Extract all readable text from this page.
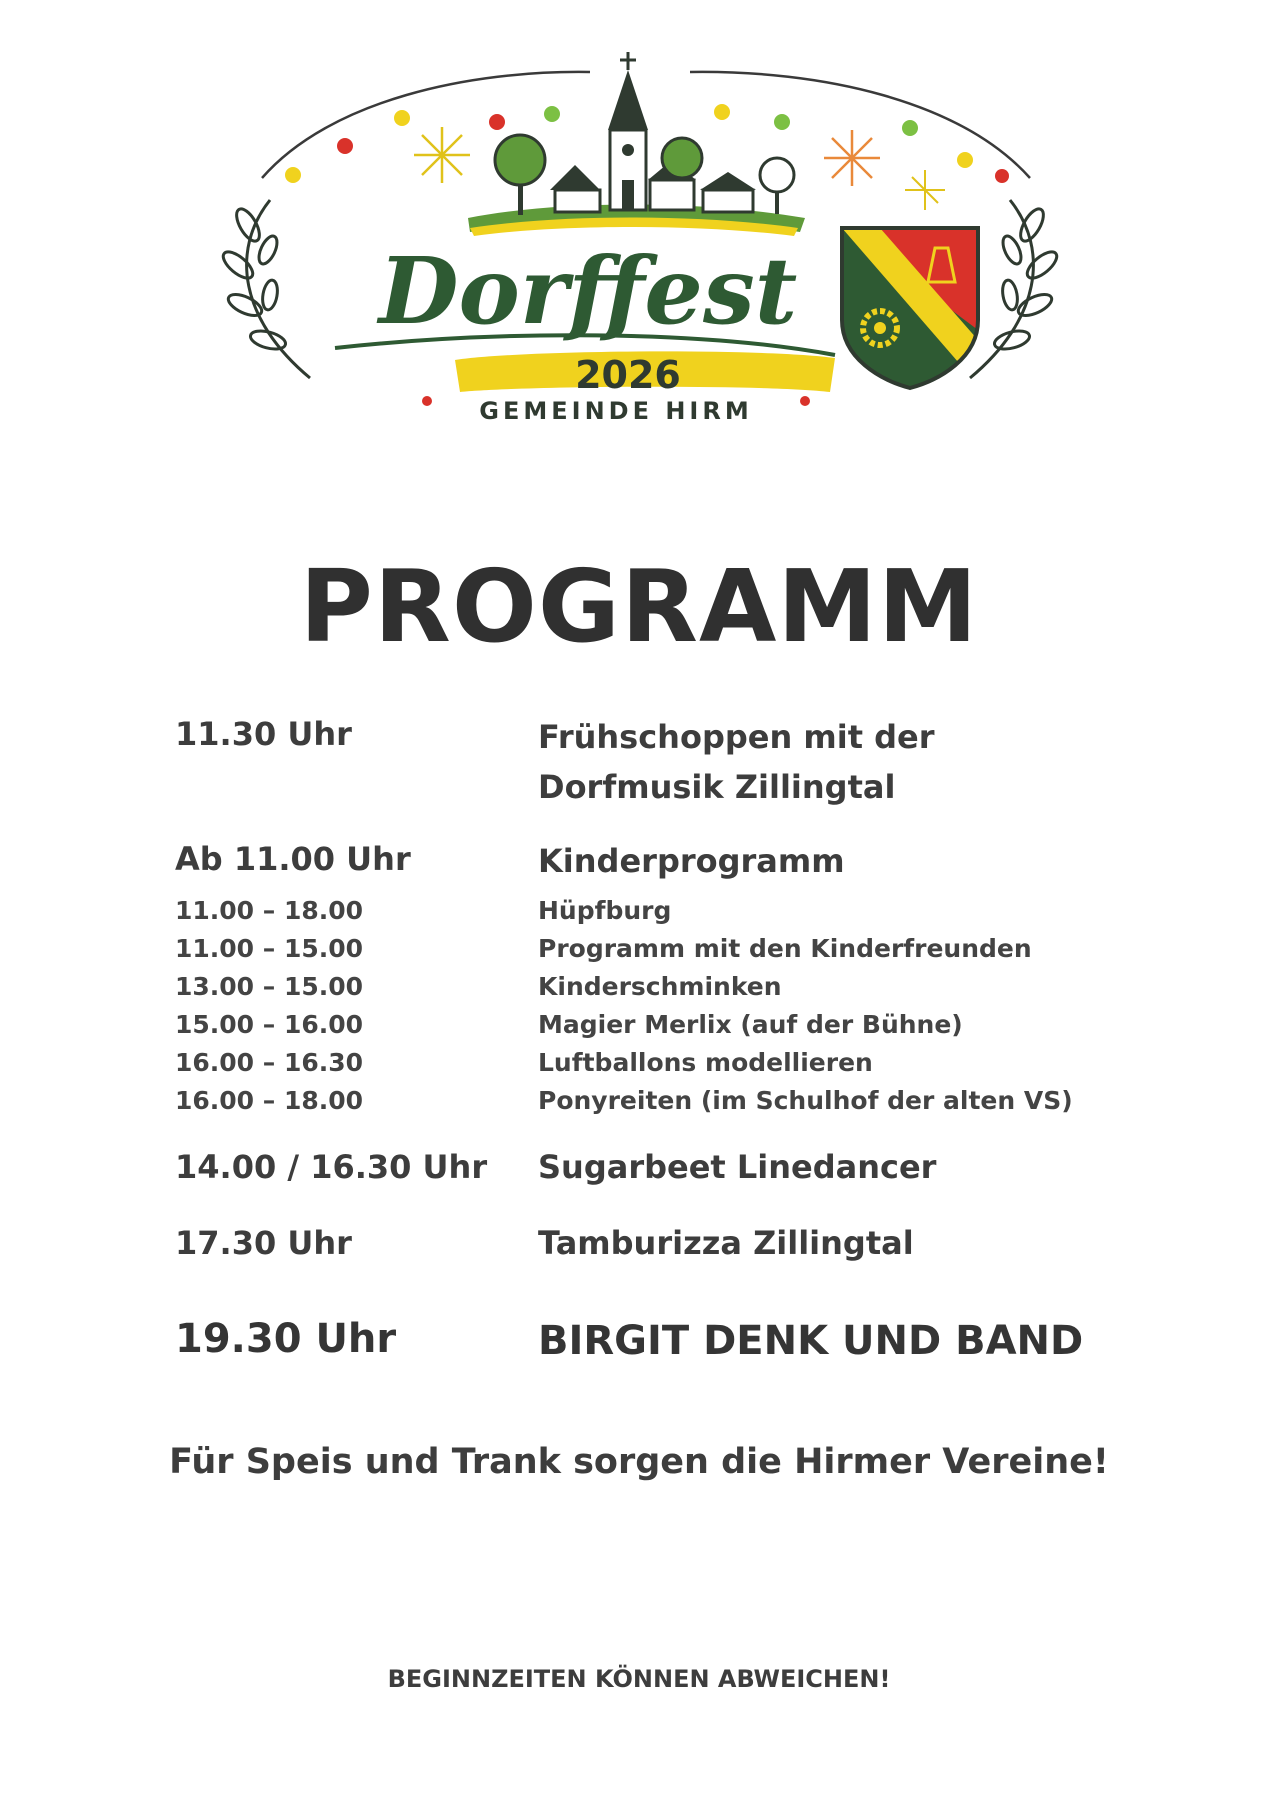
Dorffest
2026
GEMEINDE HIRM
PROGRAMM
11.30 Uhr	Frühschoppen mit der
Dorfmusik Zillingtal
Ab 11.00 Uhr	Kinderprogramm
11.00 – 18.00	Hüpfburg
11.00 – 15.00	Programm mit den Kinderfreunden
13.00 – 15.00	Kinderschminken
15.00 – 16.00	Magier Merlix (auf der Bühne)
16.00 – 16.30	Luftballons modellieren
16.00 – 18.00	Ponyreiten (im Schulhof der alten VS)
14.00 / 16.30 Uhr Sugarbeet Linedancer
17.30 Uhr	Tamburizza Zillingtal
19.30 Uhr	BIRGIT DENK UND BAND
Für Speis und Trank sorgen die Hirmer Vereine!
BEGINNZEITEN KÖNNEN ABWEICHEN!
